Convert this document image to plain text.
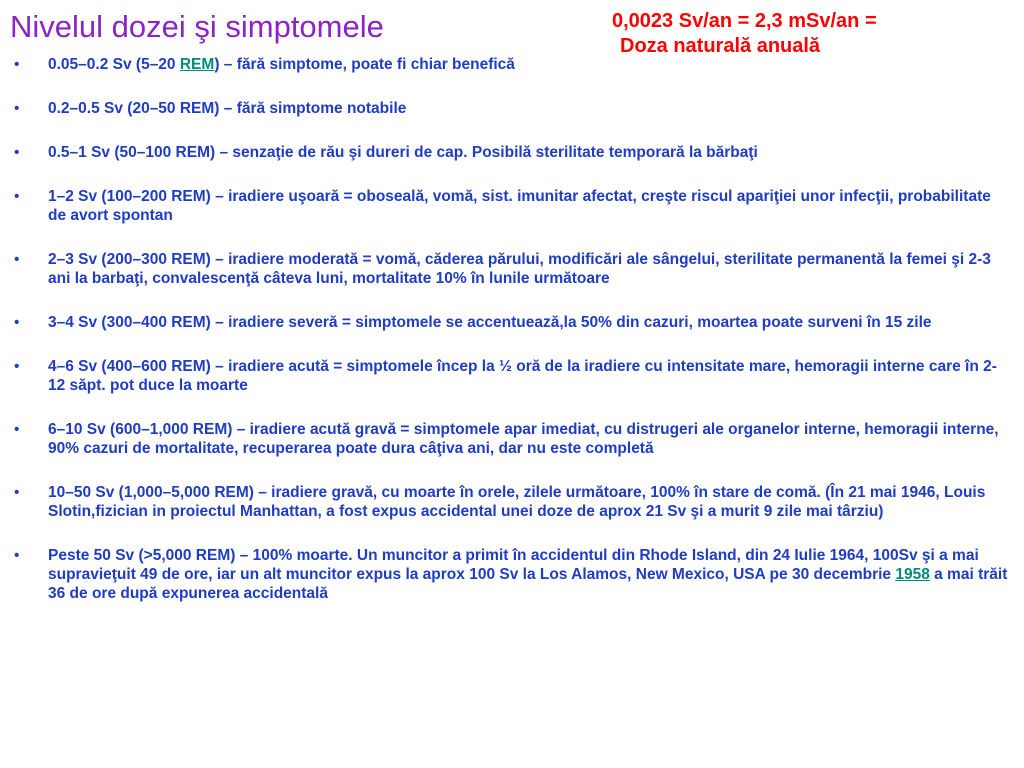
Nivelul dozei şi simptomele	0,0023 Sv/an = 2,3 mSv/an =
Doza naturală anuală
• 0.05–0.2 Sv (5–20 REM) – fără simptome, poate fi chiar benefică
• 0.2–0.5 Sv (20–50 REM) – fără simptome notabile
• 0.5–1 Sv (50–100 REM) – senzaţie de rău şi dureri de cap. Posibilă sterilitate temporară la bărbaţi
• 1–2 Sv (100–200 REM) – iradiere uşoară = oboseală, vomă, sist. imunitar afectat, creşte riscul apariţiei unor infecţii, probabilitate de avort spontan
• 2–3 Sv (200–300 REM) – iradiere moderată = vomă, căderea părului, modificări ale sângelui, sterilitate permanentă la femei şi 2-3 ani la barbaţi, convalescenţă câteva luni, mortalitate 10% în lunile următoare
• 3–4 Sv (300–400 REM) – iradiere severă = simptomele se accentuează,la 50% din cazuri, moartea poate surveni în 15 zile
• 4–6 Sv (400–600 REM) – iradiere acută = simptomele încep la ½ oră de la iradiere cu intensitate mare, hemoragii interne care în 2-12 săpt. pot duce la moarte
• 6–10 Sv (600–1,000 REM) – iradiere acută gravă = simptomele apar imediat, cu distrugeri ale organelor interne, hemoragii interne, 90% cazuri de mortalitate, recuperarea poate dura câţiva ani, dar nu este completă
• 10–50 Sv (1,000–5,000 REM) – iradiere gravă, cu moarte în orele, zilele următoare, 100% în stare de comă. (În 21 mai 1946, Louis Slotin,fizician in proiectul Manhattan, a fost expus accidental unei doze de aprox 21 Sv şi a murit 9 zile mai târziu)
• Peste 50 Sv (>5,000 REM) – 100% moarte. Un muncitor a primit în accidentul din Rhode Island, din 24 Iulie 1964, 100Sv şi a mai supravieţuit 49 de ore, iar un alt muncitor expus la aprox 100 Sv la Los Alamos, New Mexico, USA pe 30 decembrie 1958 a mai trăit 36 de ore după expunerea accidentală
